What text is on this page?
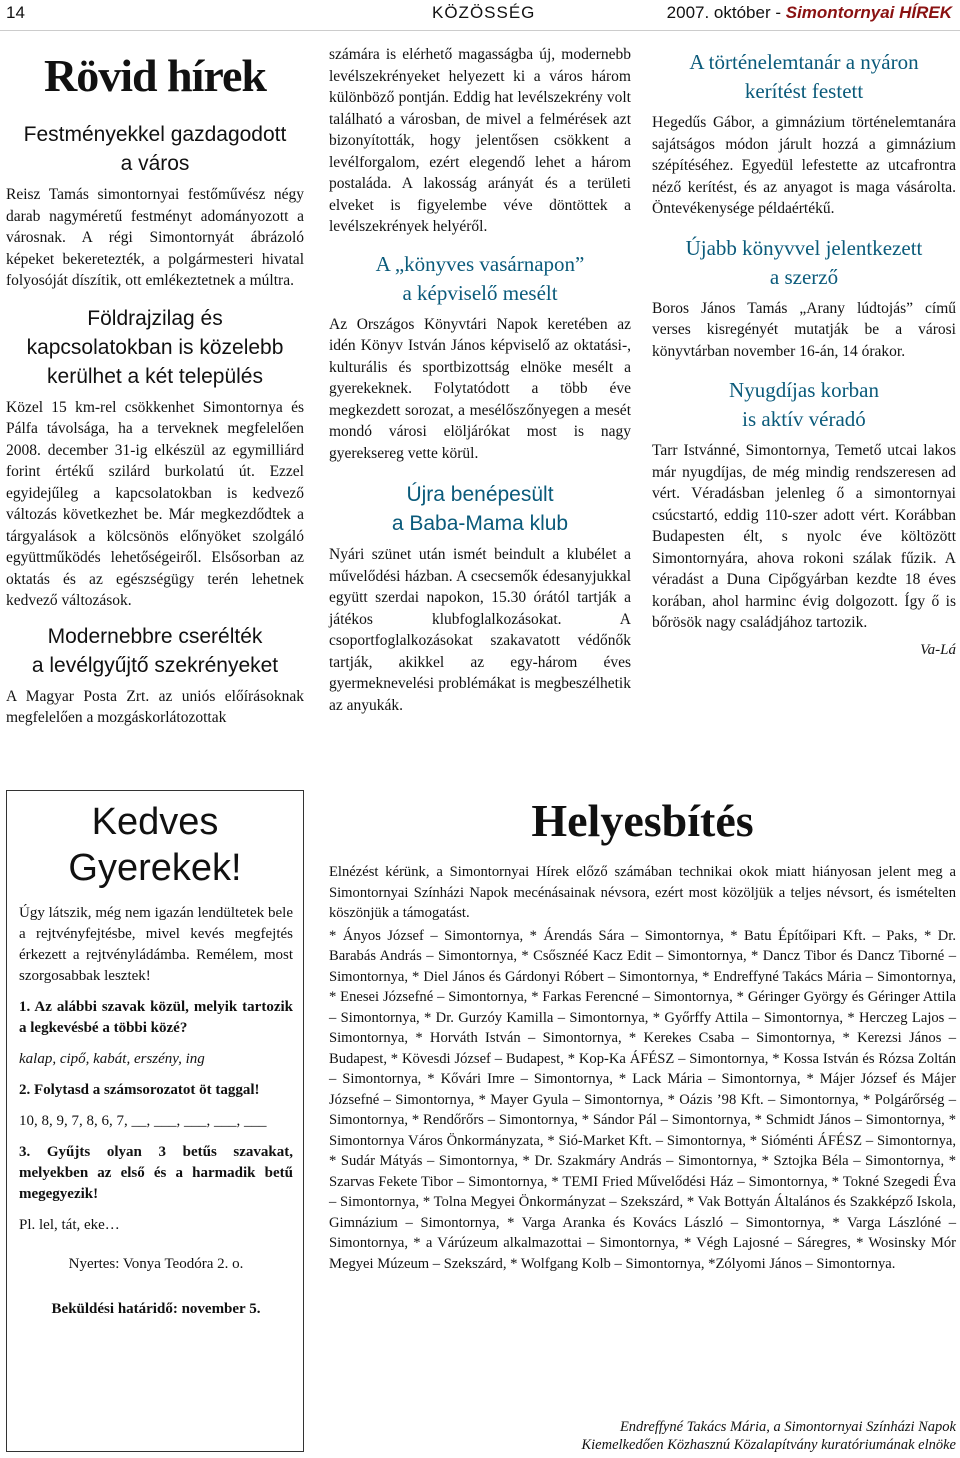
14	KÖZÖSSÉG	2007. október - Simontornyai HÍREK
Rövid hírek
Festményekkel gazdagodott
a város

Reisz Tamás simontornyai festőművész négy darab nagyméretű festményt adományozott a városnak. A régi Simontornyát ábrázoló képeket bekeretezték, a polgármesteri hivatal folyosóját díszítik, ott emlékeztetnek a múltra.

Földrajzilag és
kapcsolatokban is közelebb
kerülhet a két település

Közel 15 km-rel csökkenhet Simontornya és Pálfa távolsága, ha a terveknek megfelelően 2008. december 31-ig elkészül az egymilliárd forint értékű szilárd burkolatú út. Ezzel egyidejűleg a kapcsolatokban is kedvező változás következhet be. Már megkezdődtek a tárgyalások a kölcsönös előnyöket szolgáló együttműködés lehetőségeiről. Elsősorban az oktatás és az egészségügy terén lehetnek kedvező változások.

Modernebbre cserélték
a levélgyűjtő szekrényeket

A Magyar Posta Zrt. az uniós előírásoknak megfelelően a mozgáskorlátozottak

számára is elérhető magasságba új, modernebb levélszekrényeket helyezett ki a város három különböző pontján. Eddig hat levélszekrény volt található a városban, de mivel a felmérések azt bizonyították, hogy jelentősen csökkent a levélforgalom, ezért elegendő lehet a három postaláda. A lakosság arányát és a területi elveket is figyelembe véve döntöttek a levélszekrények helyéről.

A „könyves vasárnapon”
a képviselő mesélt

Az Országos Könyvtári Napok keretében az idén Könyv István János képviselő az oktatási-, kulturális és sportbizottság elnöke mesélt a gyerekeknek. Folytatódott a több éve megkezdett sorozat, a mesélőszőnyegen a mesét mondó városi elöljárókat most is nagy gyereksereg vette körül.

Újra benépesült
a Baba-Mama klub

Nyári szünet után ismét beindult a klubélet a művelődési házban. A csecsemők édesanyjukkal együtt szerdai napokon, 15.30 órától tartják a játékos klubfoglalkozásokat. A csoportfoglalkozásokat szakavatott védőnők tartják, akikkel az egy-három éves gyermeknevelési problémákat is megbeszélhetik az anyukák.

A történelemtanár a nyáron
kerítést festett

Hegedűs Gábor, a gimnázium történelemtanára sajátságos módon járult hozzá a gimnázium szépítéséhez. Egyedül lefestette az utcafrontra néző kerítést, és az anyagot is maga vásárolta. Öntevékenysége példaértékű.

Újabb könyvvel jelentkezett
a szerző

Boros János Tamás „Arany lúdtojás” című verses kisregényét mutatják be a városi könyvtárban november 16-án, 14 órakor.

Nyugdíjas korban
is aktív véradó

Tarr Istvánné, Simontornya, Temető utcai lakos már nyugdíjas, de még mindig rendszeresen ad vért. Véradásban jelenleg ő a simontornyai csúcstartó, eddig 110-szer adott vért. Korábban Budapesten élt, s nyolc éve költözött Simontornyára, ahova rokoni szálak fűzik. A véradást a Duna Cipőgyárban kezdte 18 éves korában, ahol harminc évig dolgozott. Így ő is bőrösök nagy családjához tartozik.

Va-Lá
Kedves
Gyerekek!

Úgy látszik, még nem igazán lendültetek bele a rejtvényfejtésbe, mivel kevés megfejtés érkezett a rejtvényládámba. Remélem, most szorgosabbak lesztek!

1. Az alábbi szavak közül, melyik tartozik a legkevésbé a többi közé?

kalap, cipő, kabát, erszény, ing

2. Folytasd a számsorozatot öt taggal!

10, 8, 9, 7, 8, 6, 7, __, ___, ___, ___, ___

3. Gyűjts olyan 3 betűs szavakat, melyekben az első és a harmadik betű megegyezik!

Pl. lel, tát, eke…

Nyertes: Vonya Teodóra 2. o.

Beküldési határidő: november 5.

Helyesbítés

Elnézést kérünk, a Simontornyai Hírek előző számában technikai okok miatt hiányosan jelent meg a Simontornyai Színházi Napok mecénásainak névsora, ezért most közöljük a teljes névsort, és ismételten köszönjük a támogatást.

* Ányos József – Simontornya, * Árendás Sára – Simontornya, * Batu Építőipari Kft. – Paks, * Dr. Barabás András – Simontornya, * Csősznéé Kacz Edit – Simontornya, * Dancz Tibor és Dancz Tiborné – Simontornya, * Diel János és Gárdonyi Róbert – Simontornya, * Endreffyné Takács Mária – Simontornya, * Enesei Józsefné – Simontornya, * Farkas Ferencné – Simontornya, * Géringer György és Géringer Attila – Simontornya, * Dr. Gurzóy Kamilla – Simontornya, * Győrffy Attila – Simontornya, * Herczeg Lajos – Simontornya, * Horváth István – Simontornya, * Kerekes Csaba – Simontornya, * Kerezsi János – Budapest, * Kövesdi József – Budapest, * Kop-Ka ÁFÉSZ – Simontornya, * Kossa István és Rózsa Zoltán – Simontornya, * Kővári Imre – Simontornya, * Lack Mária – Simontornya, * Májer József és Májer Józsefné – Simontornya, * Mayer Gyula – Simontornya, * Oázis ’98 Kft. – Simontornya, * Polgárőrség – Simontornya, * Rendőrőrs – Simontornya, * Sándor Pál – Simontornya, * Schmidt János – Simontornya, * Simontornya Város Önkormányzata, * Sió-Market Kft. – Simontornya, * Sióménti ÁFÉSZ – Simontornya, * Sudár Mátyás – Simontornya, * Dr. Szakmáry András – Simontornya, * Sztojka Béla – Simontornya, * Szarvas Fekete Tibor – Simontornya, * TEMI Fried Művelődési Ház – Simontornya, * Tokné Szegedi Éva – Simontornya, * Tolna Megyei Önkormányzat – Szekszárd, * Vak Bottyán Általános és Szakképző Iskola, Gimnázium – Simontornya, * Varga Aranka és Kovács László – Simontornya, * Varga Lászlóné – Simontornya, * a Várúzeum alkalmazottai – Simontornya, * Végh Lajosné – Sáregres, * Wosinsky Mór Megyei Múzeum – Szekszárd, * Wolfgang Kolb – Simontornya, *Zólyomi János – Simontornya.

Endreffyné Takács Mária, a Simontornyai Színházi Napok
Kiemelkedően Közhasznú Közalapítvány kuratóriumának elnöke
